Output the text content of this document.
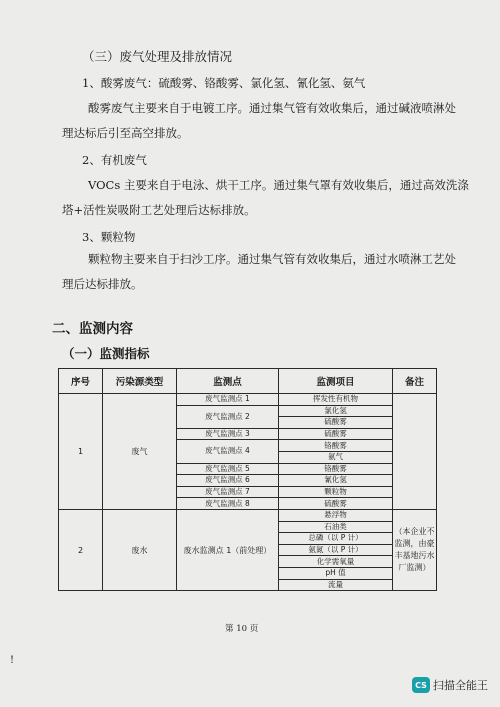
（三）废气处理及排放情况
1、酸雾废气：硫酸雾、铬酸雾、氯化氢、氰化氢、氨气
酸雾废气主要来自于电镀工序。通过集气管有效收集后，通过碱液喷淋处
理达标后引至高空排放。
2、有机废气
VOCs 主要来自于电泳、烘干工序。通过集气罩有效收集后，通过高效洗涤
塔+活性炭吸附工艺处理后达标排放。
3、颗粒物
颗粒物主要来自于扫沙工序。通过集气管有效收集后，通过水喷淋工艺处
理后达标排放。
二、监测内容
（一）监测指标
序号	污染源类型	监测点	监测项目	备注
1	废气	废气监测点 1	挥发性有机物	
		废气监测点 2	氯化氢	
			硫酸雾	
		废气监测点 3	硫酸雾	
		废气监测点 4	铬酸雾	
			氨气	
		废气监测点 5	铬酸雾	
		废气监测点 6	氰化氢	
		废气监测点 7	颗粒物	
		废气监测点 8	硫酸雾	
2	废水	废水监测点 1（前处理）	悬浮物	（本企业不监测，由豪丰基地污水厂监测）
			石油类	
			总磷（以 P 计）	
			氨氮（以 P 计）	
			化学需氧量	
			pH 值	
			流量	
第 10 页
!
CS 扫描全能王
